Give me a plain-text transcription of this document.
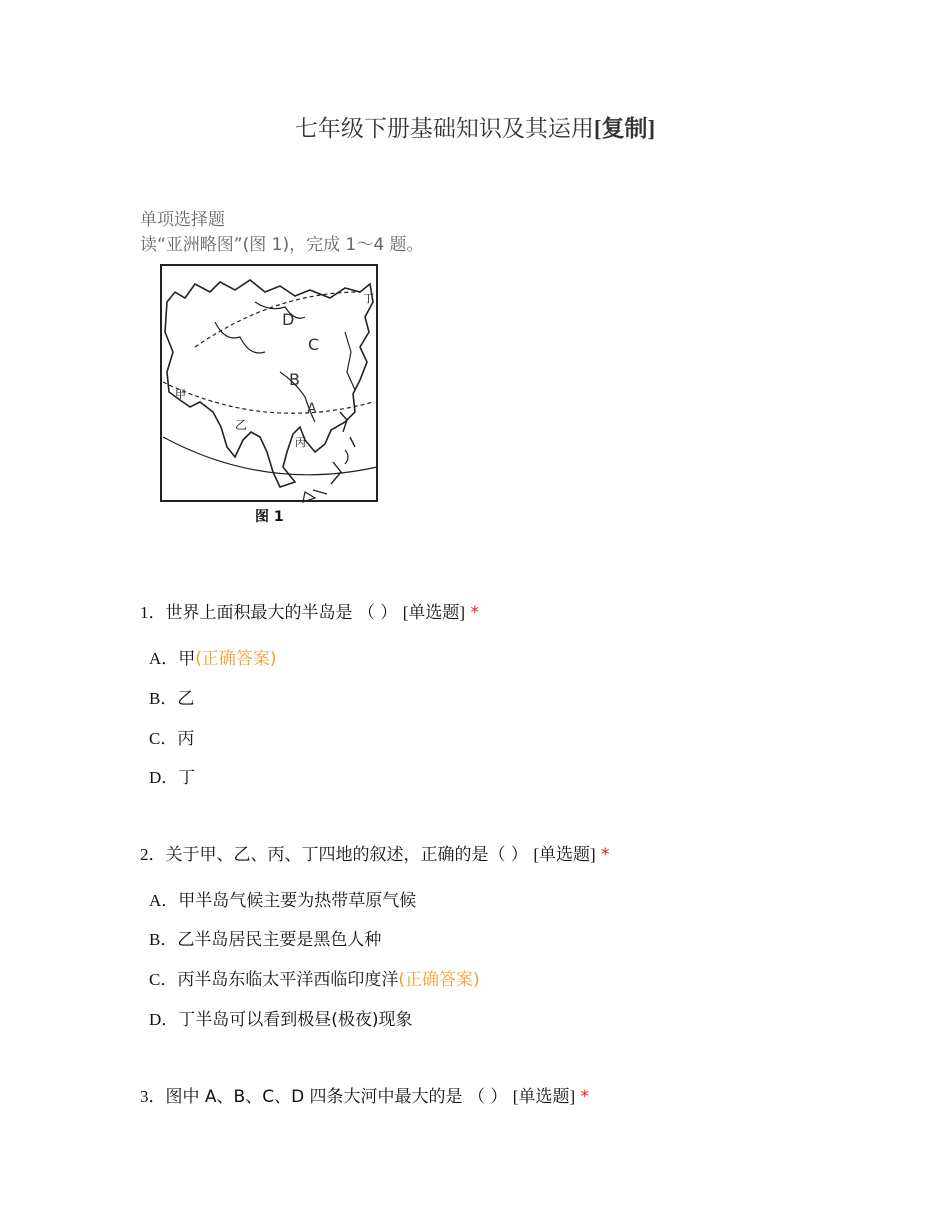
七年级下册基础知识及其运用[复制]
单项选择题
读“亚洲略图”(图 1)，完成 1～4 题。
丁
D
C
B
A
甲
乙
丙
图 1
1．世界上面积最大的半岛是 （ ） [单选题] *
A．甲(正确答案)
B．乙
C．丙
D．丁
2．关于甲、乙、丙、丁四地的叙述，正确的是（ ） [单选题] *
A．甲半岛气候主要为热带草原气候
B．乙半岛居民主要是黑色人种
C．丙半岛东临太平洋西临印度洋(正确答案)
D．丁半岛可以看到极昼(极夜)现象
3．图中 A、B、C、D 四条大河中最大的是 （ ） [单选题] *
